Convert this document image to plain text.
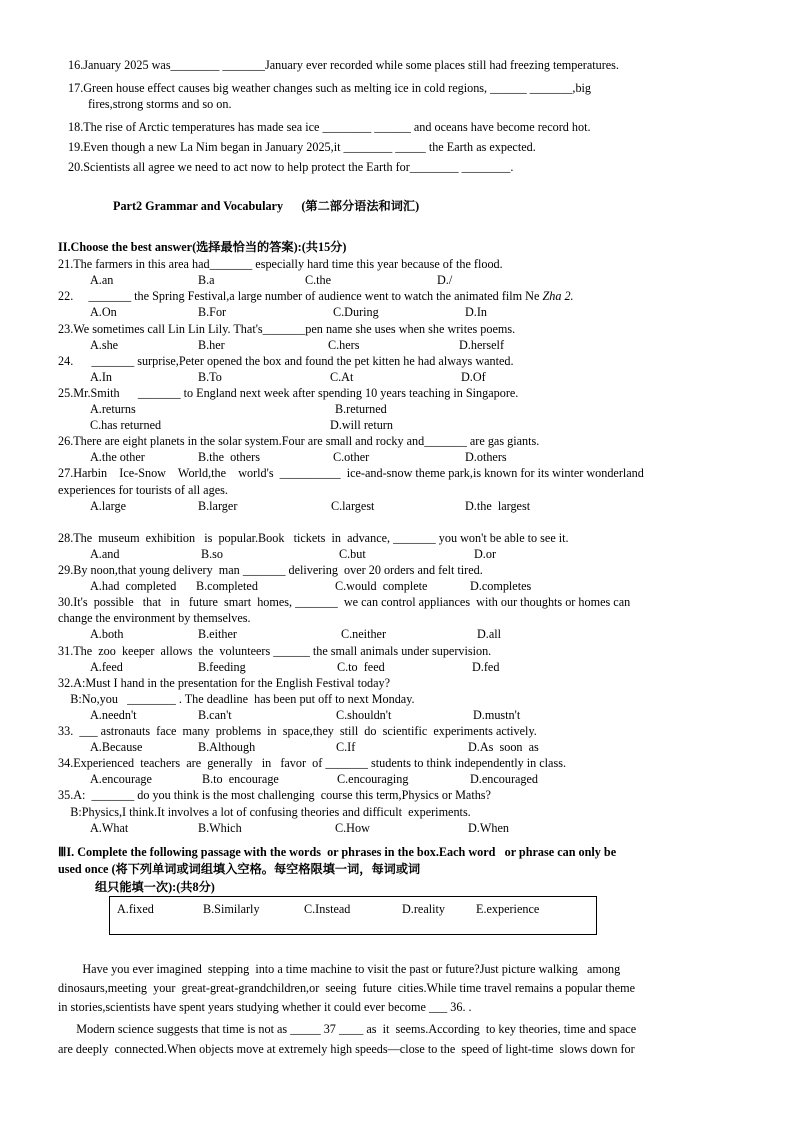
16.January 2025 was________ _______January ever recorded while some places still had freezing temperatures.
17.Green house effect causes big weather changes such as melting ice in cold regions, ______ _______,big
fires,strong storms and so on.
18.The rise of Arctic temperatures has made sea ice ________ ______ and oceans have become record hot.
19.Even though a new La Nim began in January 2025,it ________ _____ the Earth as expected.
20.Scientists all agree we need to act now to help protect the Earth for________ ________.
Part2 Grammar and Vocabulary      (第二部分语法和词汇)
II.Choose the best answer(选择最恰当的答案):(共15分)
21.The farmers in this area had_______ especially hard time this year because of the flood.
A.an	B.a	C.the	D./
22.     _______ the Spring Festival,a large number of audience went to watch the animated film Ne Zha 2.
A.On	B.For	C.During	D.In
23.We sometimes call Lin Lin Lily. That's_______pen name she uses when she writes poems.
A.she	B.her	C.hers	D.herself
24.      _______ surprise,Peter opened the box and found the pet kitten he had always wanted.
A.In	B.To	C.At	D.Of
25.Mr.Smith      _______ to England next week after spending 10 years teaching in Singapore.
A.returns	B.returned
C.has returned	D.will return
26.There are eight planets in the solar system.Four are small and rocky and_______ are gas giants.
A.the other	B.the  others	C.other	D.others
27.Harbin    Ice-Snow    World,the    world's  __________  ice-and-snow theme park,is known for its winter wonderland
experiences for tourists of all ages.
A.large	B.larger	C.largest	D.the  largest
28.The  museum  exhibition   is  popular.Book   tickets  in  advance, _______ you won't be able to see it.
A.and	B.so	C.but	D.or
29.By noon,that young delivery  man _______ delivering  over 20 orders and felt tired.
A.had  completed B.completed	C.would  complete	D.completes
30.It's  possible   that   in   future  smart  homes, _______  we can control appliances  with our thoughts or homes can
change the environment by themselves.
A.both	B.either	C.neither	D.all
31.The  zoo  keeper  allows  the  volunteers ______ the small animals under supervision.
A.feed	B.feeding	C.to  feed	D.fed
32.A:Must I hand in the presentation for the English Festival today?
B:No,you   ________ . The deadline  has been put off to next Monday.
A.needn't	B.can't	C.shouldn't	D.mustn't
33.  ___ astronauts  face  many  problems  in  space,they  still  do  scientific  experiments actively.
A.Because	B.Although	C.If	D.As  soon  as
34.Experienced  teachers  are  generally   in   favor  of _______ students to think independently in class.
A.encourage	B.to  encourage	C.encouraging	D.encouraged
35.A:  _______ do you think is the most challenging  course this term,Physics or Maths?
B:Physics,I think.It involves a lot of confusing theories and difficult  experiments.
A.What	B.Which	C.How	D.When
ⅢI. Complete the following passage with the words  or phrases in the box.Each word   or phrase can only be
used once (将下列单词或词组填入空格。每空格限填一词，每词或词
组只能填一次):(共8分)
A.fixed	B.Similarly	C.Instead	D.reality	E.experience
Have you ever imagined  stepping  into a time machine to visit the past or future?Just picture walking   among
dinosaurs,meeting  your  great-great-grandchildren,or  seeing  future  cities.While time travel remains a popular theme
in stories,scientists have spent years studying whether it could ever become ___ 36. .
Modern science suggests that time is not as _____ 37 ____ as  it  seems.According  to key theories, time and space
are deeply  connected.When objects move at extremely high speeds—close to the  speed of light-time  slows down for
